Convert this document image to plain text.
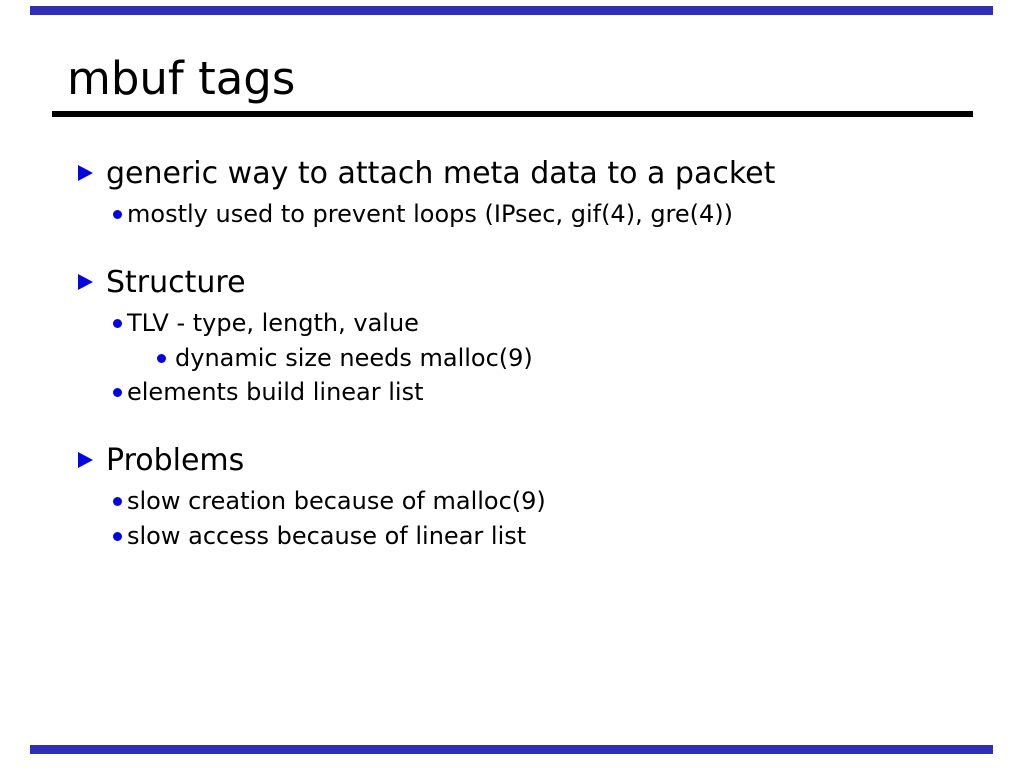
mbuf tags
generic way to attach meta data to a packet
mostly used to prevent loops (IPsec, gif(4), gre(4))
Structure
TLV - type, length, value
dynamic size needs malloc(9)
elements build linear list
Problems
slow creation because of malloc(9)
slow access because of linear list
